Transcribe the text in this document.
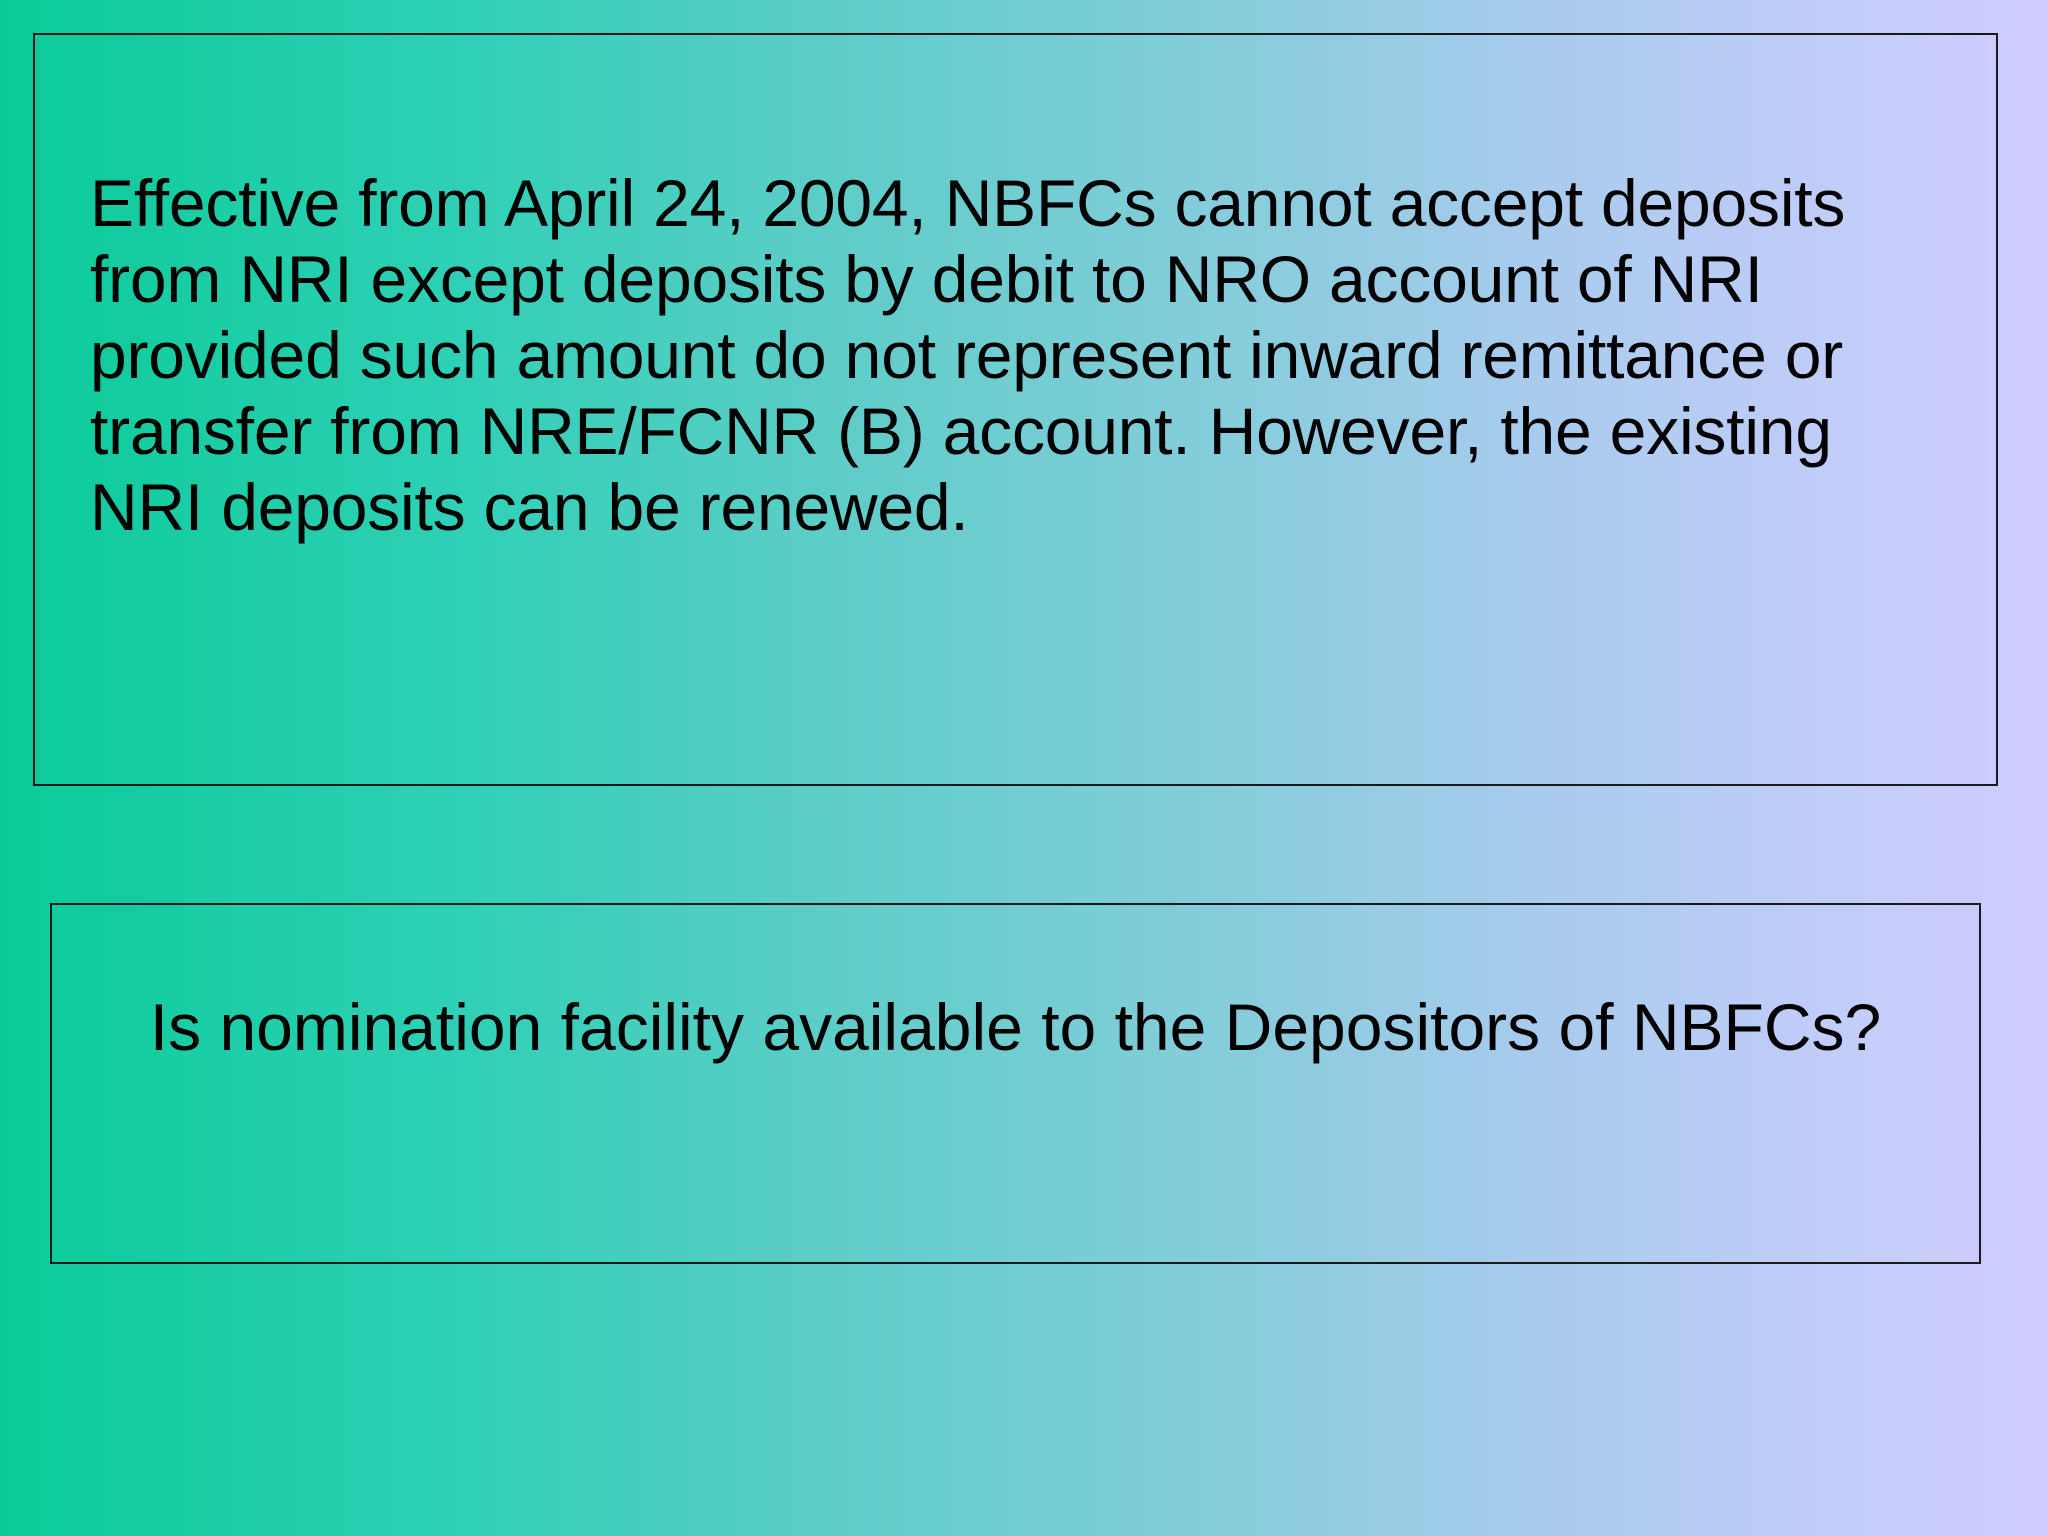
Effective from April 24, 2004, NBFCs cannot accept deposits
from NRI except deposits by debit to NRO account of NRI
provided such amount do not represent inward remittance or
transfer from NRE/FCNR (B) account. However, the existing
NRI deposits can be renewed.

Is nomination facility available to the Depositors of NBFCs?
